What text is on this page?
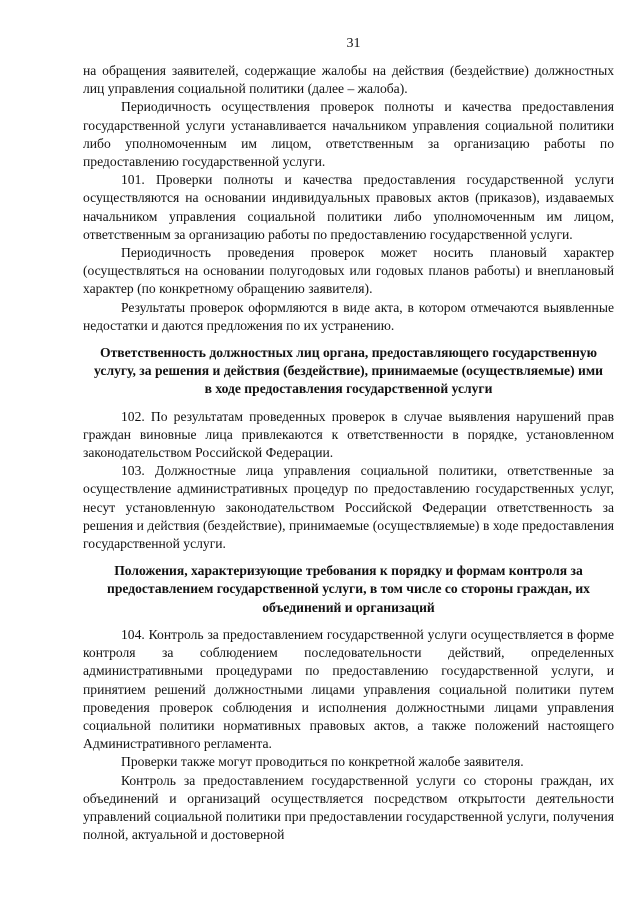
31

на обращения заявителей, содержащие жалобы на действия (бездействие) должностных лиц управления социальной политики (далее – жалоба).

Периодичность осуществления проверок полноты и качества предоставления государственной услуги устанавливается начальником управления социальной политики либо уполномоченным им лицом, ответственным за организацию работы по предоставлению государственной услуги.

101. Проверки полноты и качества предоставления государственной услуги осуществляются на основании индивидуальных правовых актов (приказов), издаваемых начальником управления социальной политики либо уполномоченным им лицом, ответственным за организацию работы по предоставлению государственной услуги.

Периодичность проведения проверок может носить плановый характер (осуществляться на основании полугодовых или годовых планов работы) и внеплановый характер (по конкретному обращению заявителя).

Результаты проверок оформляются в виде акта, в котором отмечаются выявленные недостатки и даются предложения по их устранению.

Ответственность должностных лиц органа, предоставляющего государственную услугу, за решения и действия (бездействие), принимаемые (осуществляемые) ими в ходе предоставления государственной услуги

102. По результатам проведенных проверок в случае выявления нарушений прав граждан виновные лица привлекаются к ответственности в порядке, установленном законодательством Российской Федерации.

103. Должностные лица управления социальной политики, ответственные за осуществление административных процедур по предоставлению государственных услуг, несут установленную законодательством Российской Федерации ответственность за решения и действия (бездействие), принимаемые (осуществляемые) в ходе предоставления государственной услуги.

Положения, характеризующие требования к порядку и формам контроля за предоставлением государственной услуги, в том числе со стороны граждан, их объединений и организаций

104. Контроль за предоставлением государственной услуги осуществляется в форме контроля за соблюдением последовательности действий, определенных административными процедурами по предоставлению государственной услуги, и принятием решений должностными лицами управления социальной политики путем проведения проверок соблюдения и исполнения должностными лицами управления социальной политики нормативных правовых актов, а также положений настоящего Административного регламента.

Проверки также могут проводиться по конкретной жалобе заявителя.

Контроль за предоставлением государственной услуги со стороны граждан, их объединений и организаций осуществляется посредством открытости деятельности управлений социальной политики при предоставлении государственной услуги, получения полной, актуальной и достоверной
